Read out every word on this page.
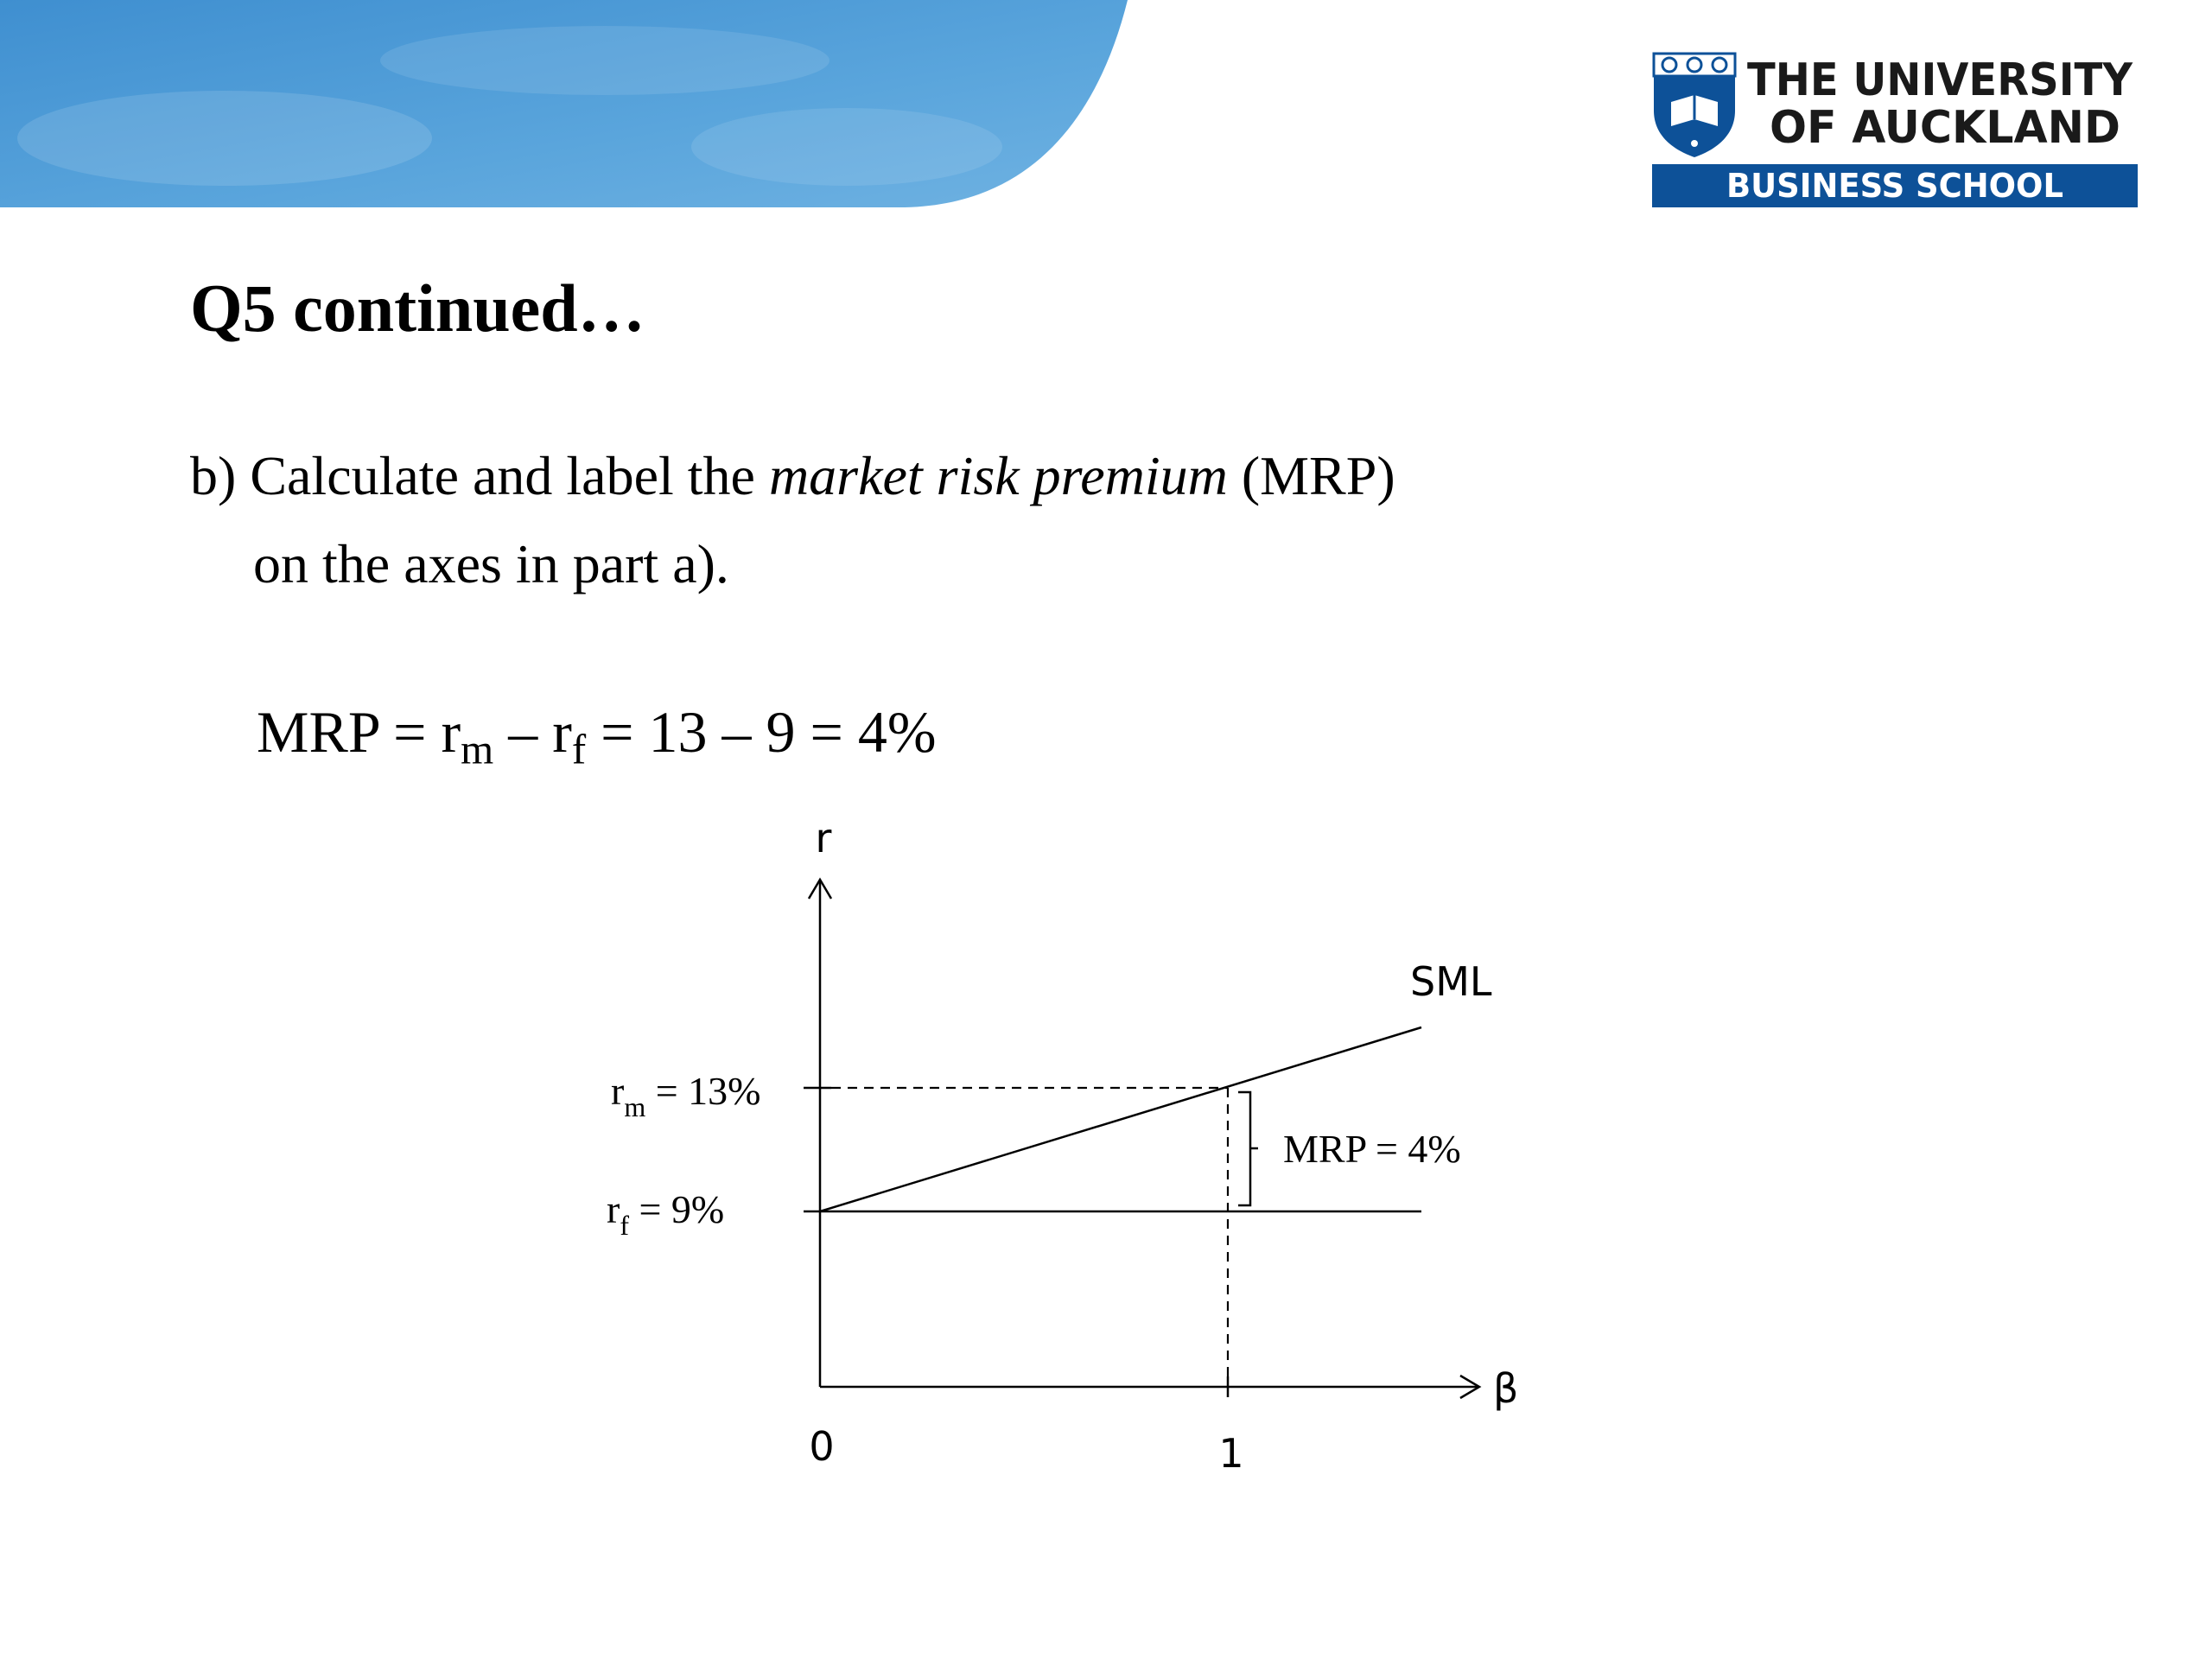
THE UNIVERSITY
OF AUCKLAND
BUSINESS SCHOOL
Q5 continued…
b) Calculate and label the market risk premium (MRP)
on the axes in part a).
MRP = $r_m - r_f = 13 - 9 = 4\%$
r
β
0	1
$r_f = 9\%$
$r_m = 13\%$
SML
MRP = 4%
